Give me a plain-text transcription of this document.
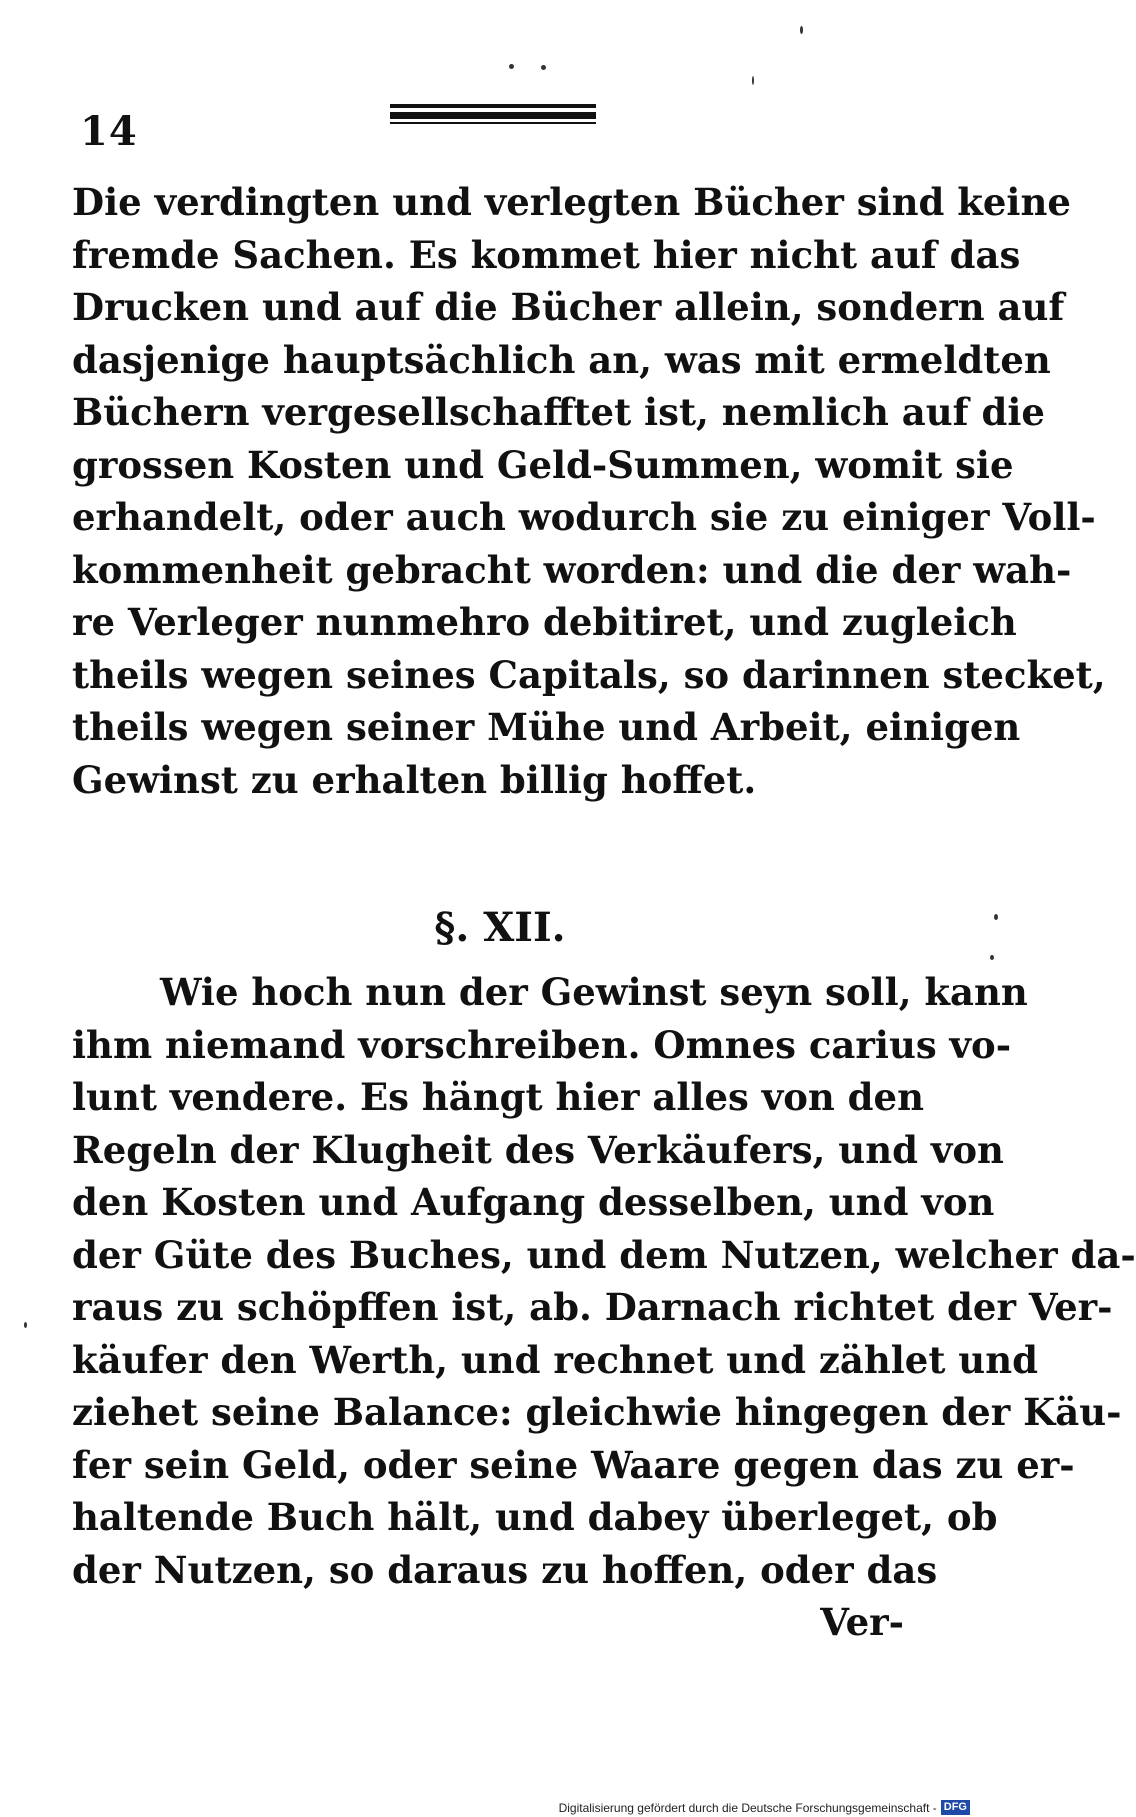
14
Die verdingten und verlegten Bücher sind keine
fremde Sachen. Es kommet hier nicht auf das
Drucken und auf die Bücher allein, sondern auf
dasjenige hauptsächlich an, was mit ermeldten
Büchern vergesellschafftet ist, nemlich auf die
grossen Kosten und Geld-Summen, womit sie
erhandelt, oder auch wodurch sie zu einiger Voll-
kommenheit gebracht worden: und die der wah-
re Verleger nunmehro debitiret, und zugleich
theils wegen seines Capitals, so darinnen stecket,
theils wegen seiner Mühe und Arbeit, einigen
Gewinst zu erhalten billig hoffet.
§. XII.
Wie hoch nun der Gewinst seyn soll, kann
ihm niemand vorschreiben. Omnes carius vo-
lunt vendere. Es hängt hier alles von den
Regeln der Klugheit des Verkäufers, und von
den Kosten und Aufgang desselben, und von
der Güte des Buches, und dem Nutzen, welcher da-
raus zu schöpffen ist, ab. Darnach richtet der Ver-
käufer den Werth, und rechnet und zählet und
ziehet seine Balance: gleichwie hingegen der Käu-
fer sein Geld, oder seine Waare gegen das zu er-
haltende Buch hält, und dabey überleget, ob
der Nutzen, so daraus zu hoffen, oder das
Ver-
Digitalisierung gefördert durch die Deutsche Forschungsgemeinschaft - DFG
